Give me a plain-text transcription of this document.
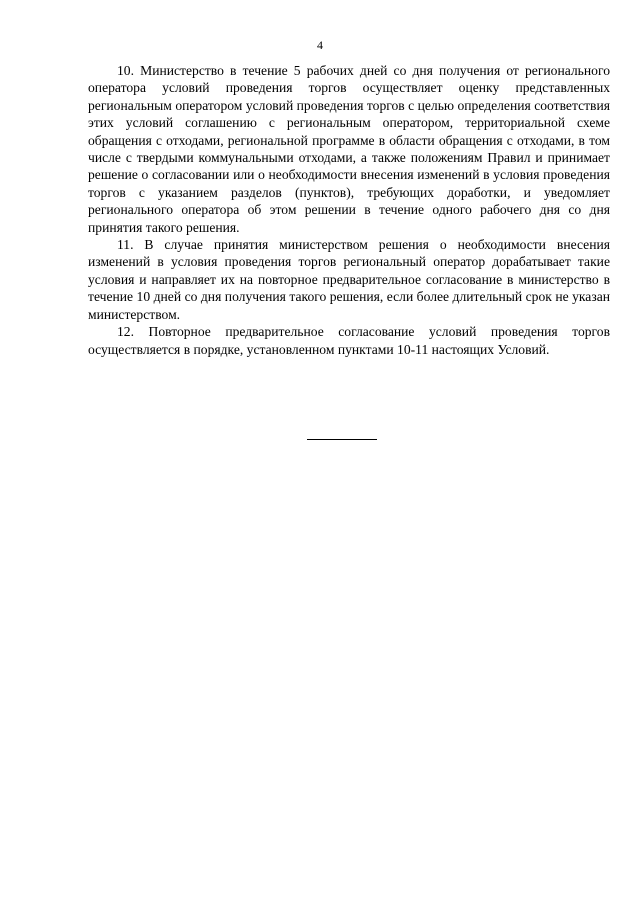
4

10. Министерство в течение 5 рабочих дней со дня получения от регионального оператора условий проведения торгов осуществляет оценку представленных региональным оператором условий проведения торгов с целью определения соответствия этих условий соглашению с региональным оператором, территориальной схеме обращения с отходами, региональной программе в области обращения с отходами, в том числе с твердыми коммунальными отходами, а также положениям Правил и принимает решение о согласовании или о необходимости внесения изменений в условия проведения торгов с указанием разделов (пунктов), требующих доработки, и уведомляет регионального оператора об этом решении в течение одного рабочего дня со дня принятия такого решения.

11. В случае принятия министерством решения о необходимости внесения изменений в условия проведения торгов региональный оператор дорабатывает такие условия и направляет их на повторное предварительное согласование в министерство в течение 10 дней со дня получения такого решения, если более длительный срок не указан министерством.

12. Повторное предварительное согласование условий проведения торгов осуществляется в порядке, установленном пунктами 10-11 настоящих Условий.
